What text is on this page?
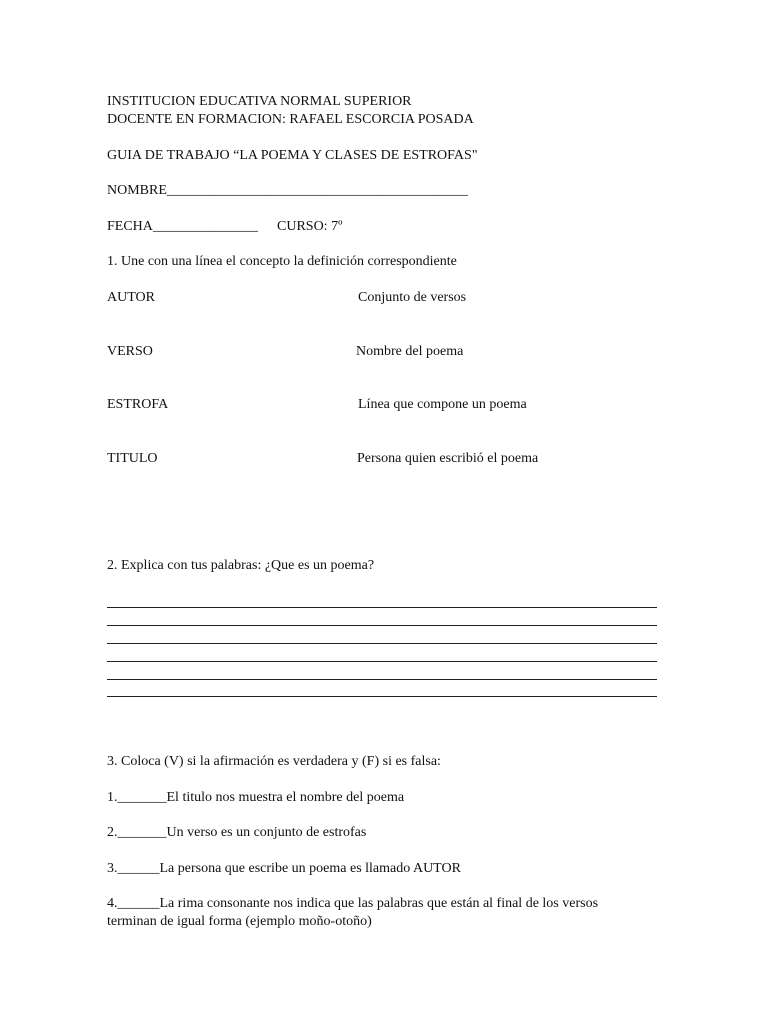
INSTITUCION EDUCATIVA NORMAL SUPERIOR

DOCENTE EN FORMACION: RAFAEL ESCORCIA POSADA

GUIA DE TRABAJO “LA POEMA Y CLASES DE ESTROFAS"

NOMBRE___________________________________________

FECHA_______________ CURSO: 7º

1. Une con una línea el concepto la definición correspondiente

AUTOR	Conjunto de versos

VERSO	Nombre del poema

ESTROFA	Línea que compone un poema

TITULO	Persona quien escribió el poema

2. Explica con tus palabras: ¿Que es un poema?

3. Coloca (V) si la afirmación es verdadera y (F) si es falsa:

1._______El titulo nos muestra el nombre del poema

2._______Un verso es un conjunto de estrofas

3.______La persona que escribe un poema es llamado AUTOR

4.______La rima consonante nos indica que las palabras que están al final de los versos terminan de igual forma (ejemplo moño-otoño)
